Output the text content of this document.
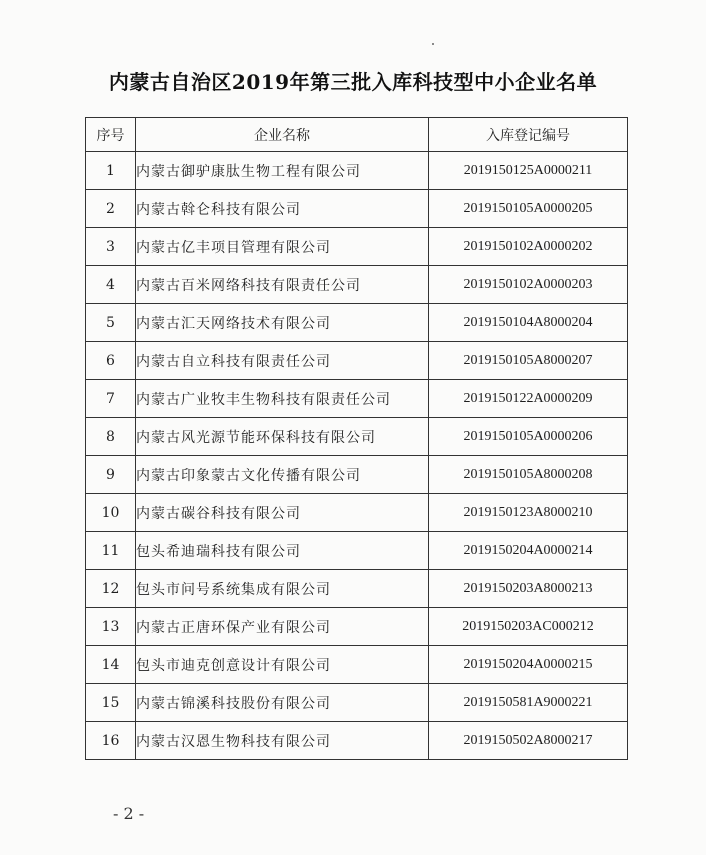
内蒙古自治区2019年第三批入库科技型中小企业名单
序号	企业名称	入库登记编号
1	内蒙古御驴康肽生物工程有限公司	2019150125A0000211
2	内蒙古斡仑科技有限公司	2019150105A0000205
3	内蒙古亿丰项目管理有限公司	2019150102A0000202
4	内蒙古百米网络科技有限责任公司	2019150102A0000203
5	内蒙古汇天网络技术有限公司	2019150104A8000204
6	内蒙古自立科技有限责任公司	2019150105A8000207
7	内蒙古广业牧丰生物科技有限责任公司	2019150122A0000209
8	内蒙古风光源节能环保科技有限公司	2019150105A0000206
9	内蒙古印象蒙古文化传播有限公司	2019150105A8000208
10	内蒙古碳谷科技有限公司	2019150123A8000210
11	包头希迪瑞科技有限公司	2019150204A0000214
12	包头市问号系统集成有限公司	2019150203A8000213
13	内蒙古正唐环保产业有限公司	2019150203AC000212
14	包头市迪克创意设计有限公司	2019150204A0000215
15	内蒙古锦溪科技股份有限公司	2019150581A9000221
16	内蒙古汉恩生物科技有限公司	2019150502A8000217
- 2 -
